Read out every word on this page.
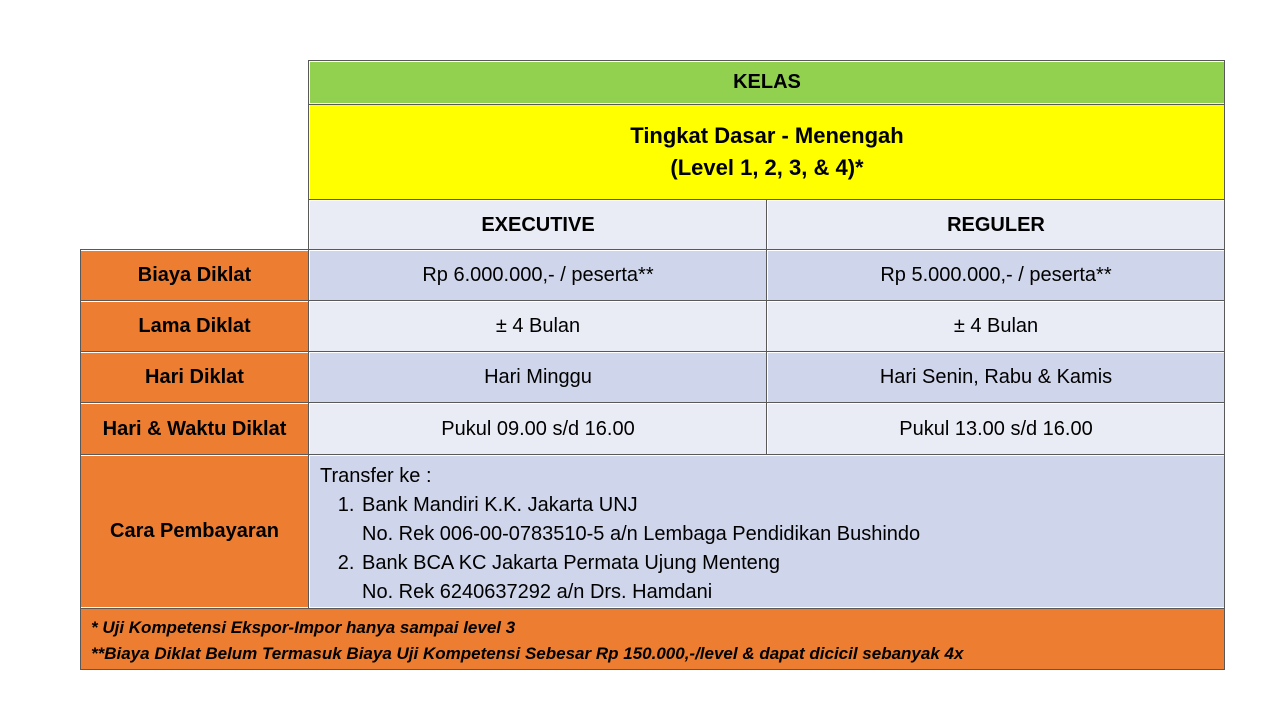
KELAS
Tingkat Dasar - Menengah
(Level 1, 2, 3, & 4)*
EXECUTIVE	REGULER
Biaya Diklat	Rp 6.000.000,- / peserta**	Rp 5.000.000,- / peserta**
Lama Diklat	± 4 Bulan	± 4 Bulan
Hari Diklat	Hari Minggu	Hari Senin, Rabu & Kamis
Hari & Waktu Diklat	Pukul 09.00 s/d 16.00	Pukul 13.00 s/d 16.00
Cara Pembayaran
Transfer ke :
1. Bank Mandiri K.K. Jakarta UNJ
No. Rek 006-00-0783510-5 a/n Lembaga Pendidikan Bushindo
2. Bank BCA KC Jakarta Permata Ujung Menteng
No. Rek 6240637292 a/n Drs. Hamdani
* Uji Kompetensi Ekspor-Impor hanya sampai level 3
**Biaya Diklat Belum Termasuk Biaya Uji Kompetensi Sebesar Rp 150.000,-/level & dapat dicicil sebanyak 4x
